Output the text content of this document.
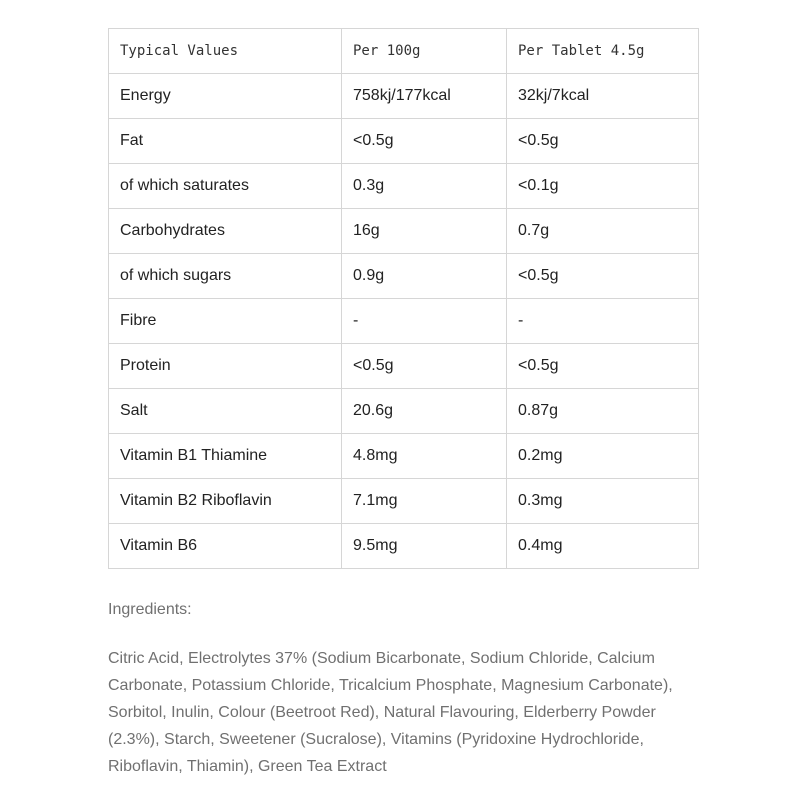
Typical Values	Per 100g	Per Tablet 4.5g
Energy	758kj/177kcal	32kj/7kcal
Fat	<0.5g	<0.5g
of which saturates	0.3g	<0.1g
Carbohydrates	16g	0.7g
of which sugars	0.9g	<0.5g
Fibre	-	-
Protein	<0.5g	<0.5g
Salt	20.6g	0.87g
Vitamin B1 Thiamine	4.8mg	0.2mg
Vitamin B2 Riboflavin	7.1mg	0.3mg
Vitamin B6	9.5mg	0.4mg
Ingredients:

Citric Acid, Electrolytes 37% (Sodium Bicarbonate, Sodium Chloride, Calcium Carbonate, Potassium Chloride, Tricalcium Phosphate, Magnesium Carbonate), Sorbitol, Inulin, Colour (Beetroot Red), Natural Flavouring, Elderberry Powder (2.3%), Starch, Sweetener (Sucralose), Vitamins (Pyridoxine Hydrochloride, Riboflavin, Thiamin), Green Tea Extract
